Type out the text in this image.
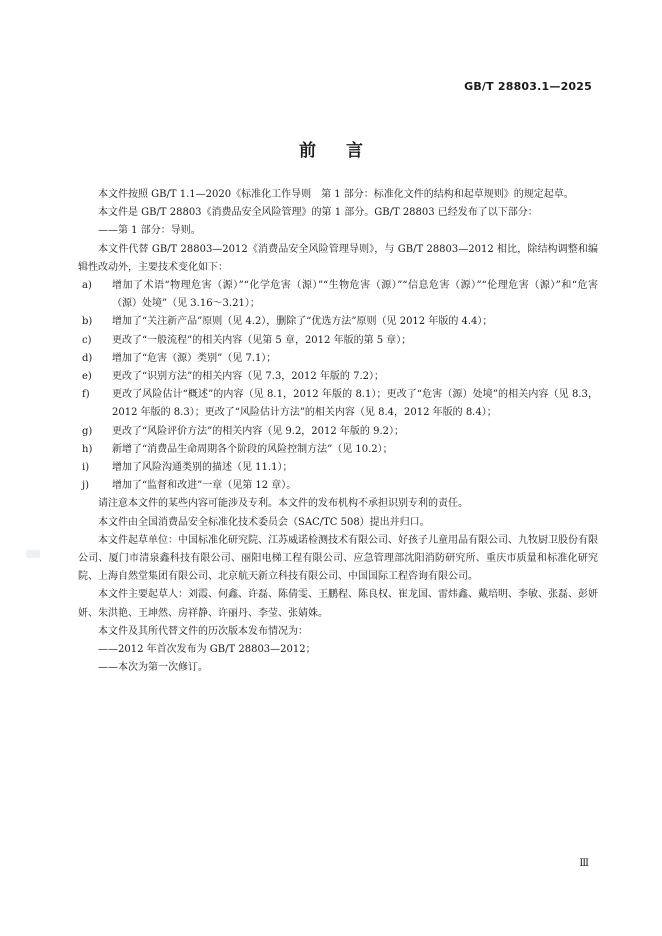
GB/T 28803.1—2025
前言

本文件按照 GB/T 1.1—2020《标准化工作导则　第 1 部分：标准化文件的结构和起草规则》的规定起草。

本文件是 GB/T 28803《消费品安全风险管理》的第 1 部分。GB/T 28803 已经发布了以下部分：

——第 1 部分：导则。

本文件代替 GB/T 28803—2012《消费品安全风险管理导则》，与 GB/T 28803—2012 相比，除结构调整和编辑性改动外，主要技术变化如下：

a)	增加了术语“物理危害（源）”“化学危害（源）”“生物危害（源）”“信息危害（源）”“伦理危害（源）”和“危害（源）处境”（见 3.16～3.21）；
b)	增加了“关注新产品”原则（见 4.2），删除了“优选方法”原则（见 2012 年版的 4.4）；
c)	更改了“一般流程”的相关内容（见第 5 章，2012 年版的第 5 章）；
d)	增加了“危害（源）类别”（见 7.1）；
e)	更改了“识别方法”的相关内容（见 7.3，2012 年版的 7.2）；
f)	更改了风险估计“概述”的内容（见 8.1，2012 年版的 8.1）；更改了“危害（源）处境”的相关内容（见 8.3，2012 年版的 8.3）；更改了“风险估计方法”的相关内容（见 8.4，2012 年版的 8.4）；
g)	更改了“风险评价方法”的相关内容（见 9.2，2012 年版的 9.2）；
h)	新增了“消费品生命周期各个阶段的风险控制方法”（见 10.2）；
i)	增加了风险沟通类别的描述（见 11.1）；
j)	增加了“监督和改进”一章（见第 12 章）。

请注意本文件的某些内容可能涉及专利。本文件的发布机构不承担识别专利的责任。

本文件由全国消费品安全标准化技术委员会（SAC/TC 508）提出并归口。

本文件起草单位：中国标准化研究院、江苏威诺检测技术有限公司、好孩子儿童用品有限公司、九牧厨卫股份有限公司、厦门市清泉鑫科技有限公司、丽阳电梯工程有限公司、应急管理部沈阳消防研究所、重庆市质量和标准化研究院、上海自然堂集团有限公司、北京航天新立科技有限公司、中国国际工程咨询有限公司。

本文件主要起草人：刘霞、何鑫、许磊、陈倩雯、王鹏程、陈良权、崔龙国、雷炜鑫、戴培明、李敏、张磊、彭妍妍、朱洪艳、王坤然、房祥静、许丽丹、李莹、张婧姝。

本文件及其所代替文件的历次版本发布情况为：

——2012 年首次发布为 GB/T 28803—2012；

——本次为第一次修订。

Ⅲ
